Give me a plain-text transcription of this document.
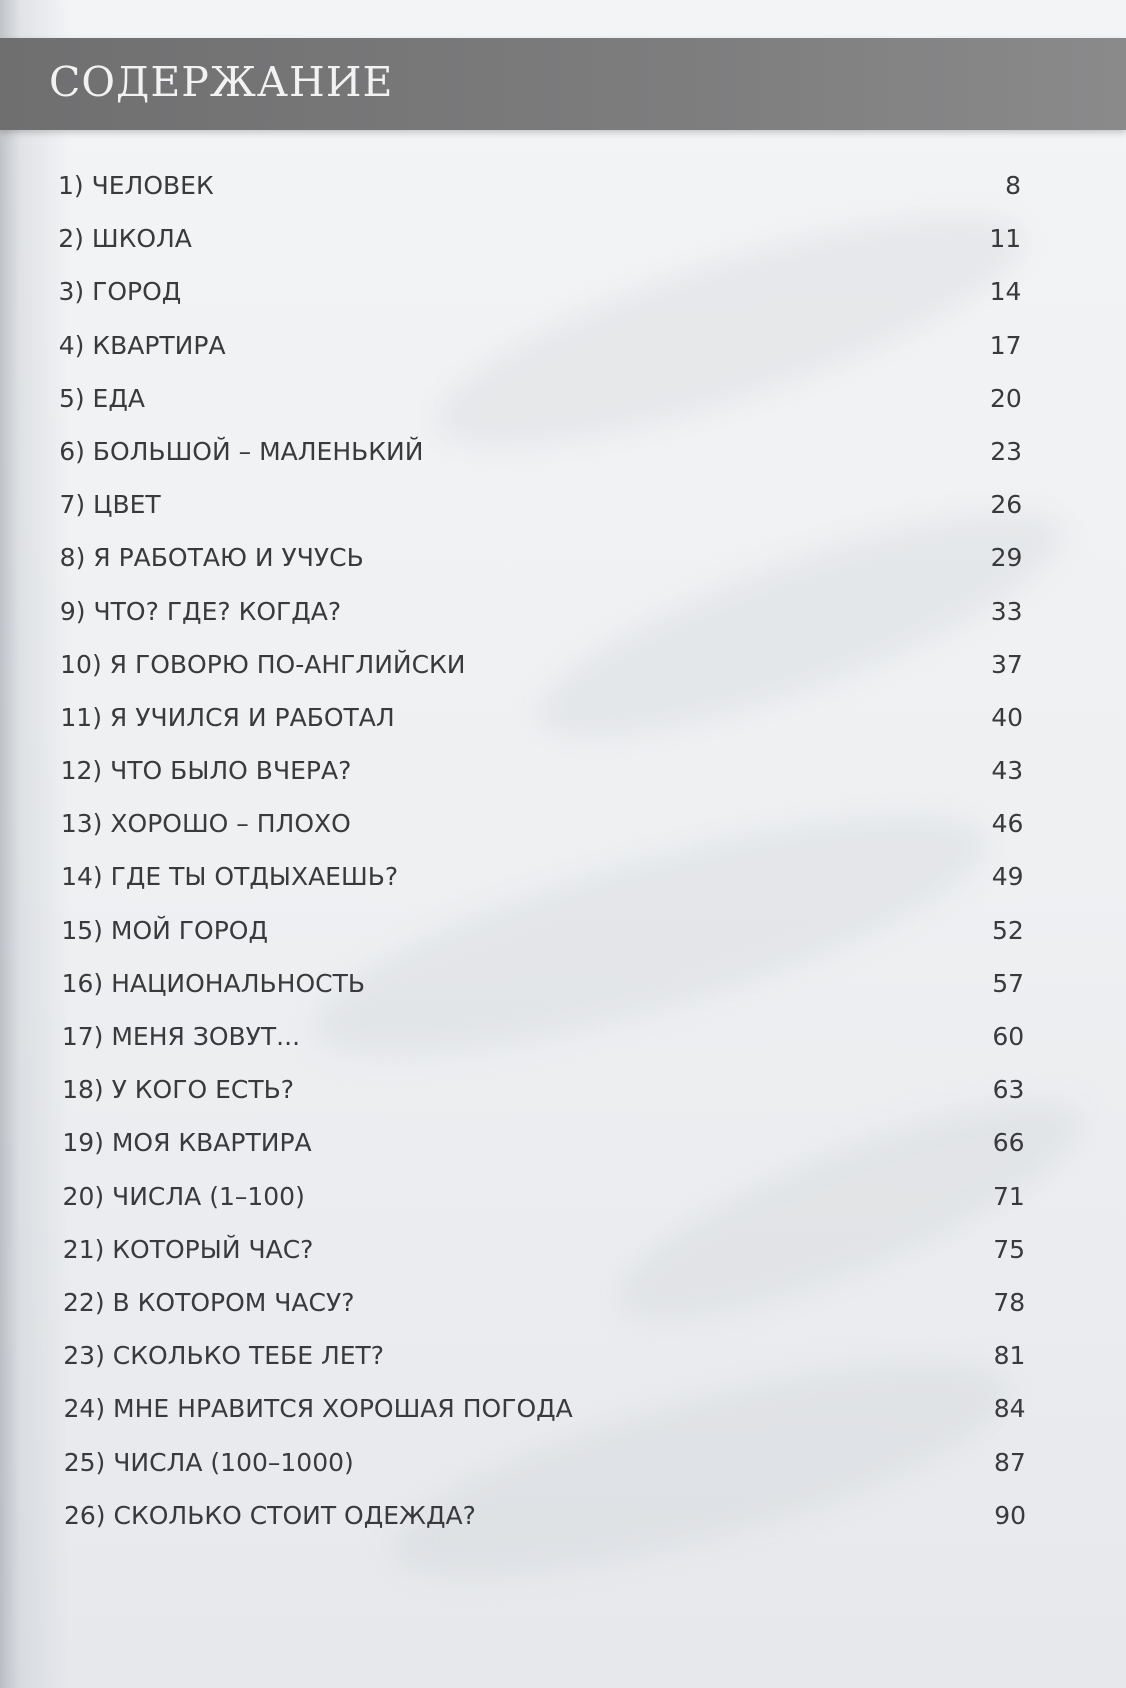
СОДЕРЖАНИЕ
1) ЧЕЛОВЕК	8
2) ШКОЛА	11
3) ГОРОД	14
4) КВАРТИРА	17
5) ЕДА	20
6) БОЛЬШОЙ – МАЛЕНЬКИЙ	23
7) ЦВЕТ	26
8) Я РАБОТАЮ И УЧУСЬ	29
9) ЧТО? ГДЕ? КОГДА?	33
10) Я ГОВОРЮ ПО-АНГЛИЙСКИ	37
11) Я УЧИЛСЯ И РАБОТАЛ	40
12) ЧТО БЫЛО ВЧЕРА?	43
13) ХОРОШО – ПЛОХО	46
14) ГДЕ ТЫ ОТДЫХАЕШЬ?	49
15) МОЙ ГОРОД	52
16) НАЦИОНАЛЬНОСТЬ	57
17) МЕНЯ ЗОВУТ...	60
18) У КОГО ЕСТЬ?	63
19) МОЯ КВАРТИРА	66
20) ЧИСЛА (1–100)	71
21) КОТОРЫЙ ЧАС?	75
22) В КОТОРОМ ЧАСУ?	78
23) СКОЛЬКО ТЕБЕ ЛЕТ?	81
24) МНЕ НРАВИТСЯ ХОРОШАЯ ПОГОДА	84
25) ЧИСЛА (100–1000)	87
26) СКОЛЬКО СТОИТ ОДЕЖДА?	90
